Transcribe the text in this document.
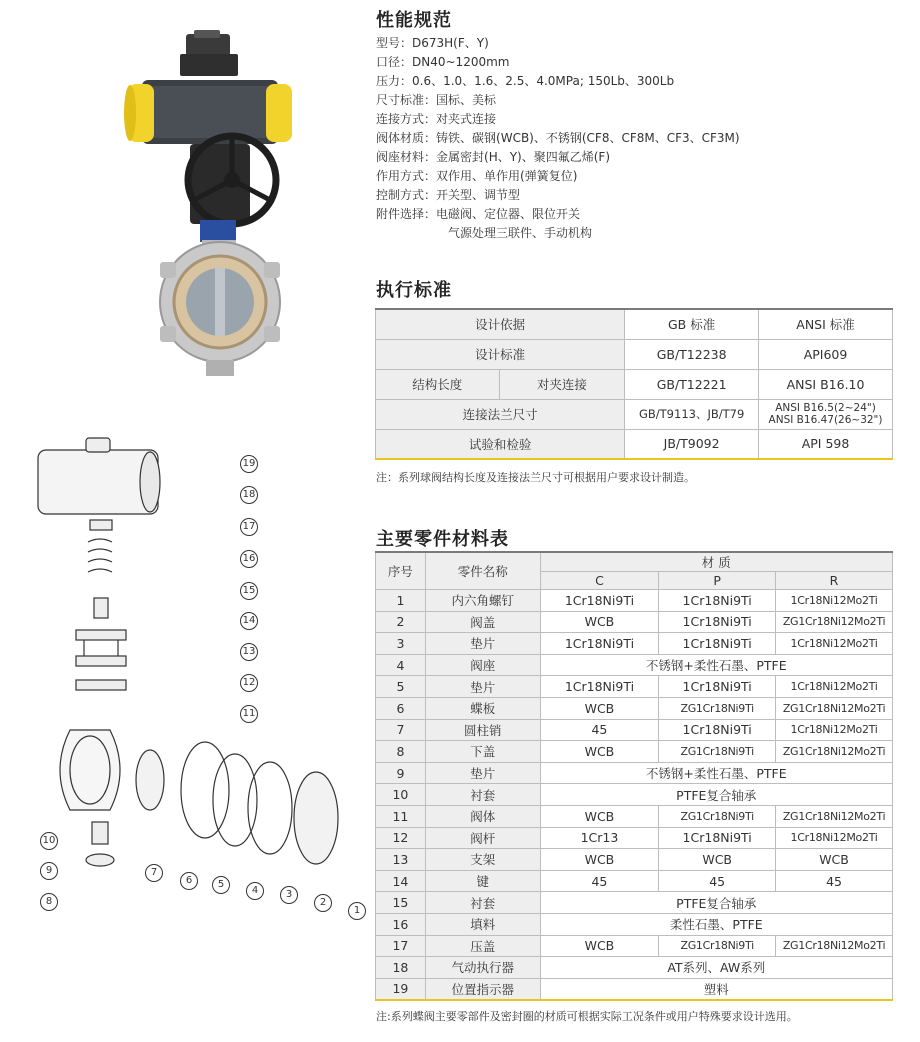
19
18
17
16
15
14
13
12
11
10
9
8
7
6	5
4	3
2
1
性能规范
型号： D673H(F、Y)
口径： DN40~1200mm
压力： 0.6、1.0、1.6、2.5、4.0MPa; 150Lb、300Lb
尺寸标准： 国标、美标
连接方式： 对夹式连接
阀体材质： 铸铁、碳钢(WCB)、不锈钢(CF8、CF8M、CF3、CF3M)
阀座材料： 金属密封(H、Y)、聚四氟乙烯(F)
作用方式： 双作用、单作用(弹簧复位)
控制方式： 开关型、调节型
附件选择： 电磁阀、定位器、限位开关
气源处理三联件、手动机构
执行标准
设计依据		GB 标准	ANSI 标准
设计标准		GB/T12238	API609
结构长度	对夹连接	GB/T12221	ANSI B16.10
连接法兰尺寸		GB/T9113、JB/T79	ANSI B16.5(2~24")
ANSI B16.47(26~32")

试验和检验		JB/T9092	API 598
注：系列球阀结构长度及连接法兰尺寸可根据用户要求设计制造。
主要零件材料表
序号	零件名称	材 质		
		C	P	R
1	内六角螺钉	1Cr18Ni9Ti	1Cr18Ni9Ti	1Cr18Ni12Mo2Ti
2	阀盖	WCB	1Cr18Ni9Ti	ZG1Cr18Ni12Mo2Ti
3	垫片	1Cr18Ni9Ti	1Cr18Ni9Ti	1Cr18Ni12Mo2Ti
4	阀座	不锈钢+柔性石墨、PTFE		
5	垫片	1Cr18Ni9Ti	1Cr18Ni9Ti	1Cr18Ni12Mo2Ti
6	蝶板	WCB	ZG1Cr18Ni9Ti	ZG1Cr18Ni12Mo2Ti
7	圆柱销	45	1Cr18Ni9Ti	1Cr18Ni12Mo2Ti
8	下盖	WCB	ZG1Cr18Ni9Ti	ZG1Cr18Ni12Mo2Ti
9	垫片	不锈钢+柔性石墨、PTFE		
10	衬套	PTFE复合轴承		
11	阀体	WCB	ZG1Cr18Ni9Ti	ZG1Cr18Ni12Mo2Ti
12	阀杆	1Cr13	1Cr18Ni9Ti	1Cr18Ni12Mo2Ti
13	支架	WCB	WCB	WCB
14	键	45	45	45
15	衬套	PTFE复合轴承		
16	填料	柔性石墨、PTFE		
17	压盖	WCB	ZG1Cr18Ni9Ti	ZG1Cr18Ni12Mo2Ti
18	气动执行器	AT系列、AW系列		
19	位置指示器	塑料		
注:系列蝶阀主要零部件及密封圈的材质可根据实际工况条件或用户特殊要求设计选用。
